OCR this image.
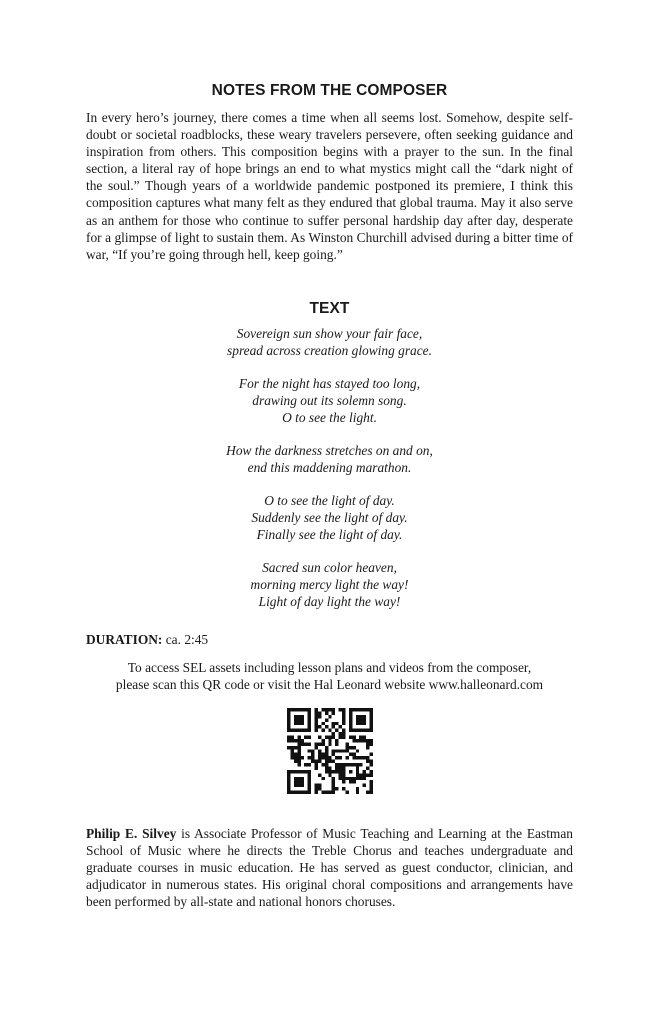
NOTES FROM THE COMPOSER

In every hero’s journey, there comes a time when all seems lost. Somehow, despite self-doubt or societal roadblocks, these weary travelers persevere, often seeking guidance and inspiration from others. This composition begins with a prayer to the sun. In the final section, a literal ray of hope brings an end to what mystics might call the “dark night of the soul.” Though years of a worldwide pandemic postponed its premiere, I think this composition captures what many felt as they endured that global trauma. May it also serve as an anthem for those who continue to suffer personal hardship day after day, desperate for a glimpse of light to sustain them. As Winston Churchill advised during a bitter time of war, “If you’re going through hell, keep going.”

TEXT
Sovereign sun show your fair face,
spread across creation glowing grace.
For the night has stayed too long,
drawing out its solemn song.
O to see the light.
How the darkness stretches on and on,
end this maddening marathon.
O to see the light of day.
Suddenly see the light of day.
Finally see the light of day.
Sacred sun color heaven,
morning mercy light the way!
Light of day light the way!

DURATION: ca. 2:45

To access SEL assets including lesson plans and videos from the composer,
please scan this QR code or visit the Hal Leonard website www.halleonard.com

Philip E. Silvey is Associate Professor of Music Teaching and Learning at the Eastman School of Music where he directs the Treble Chorus and teaches undergraduate and graduate courses in music education. He has served as guest conductor, clinician, and adjudicator in numerous states. His original choral compositions and arrangements have been performed by all-state and national honors choruses.
